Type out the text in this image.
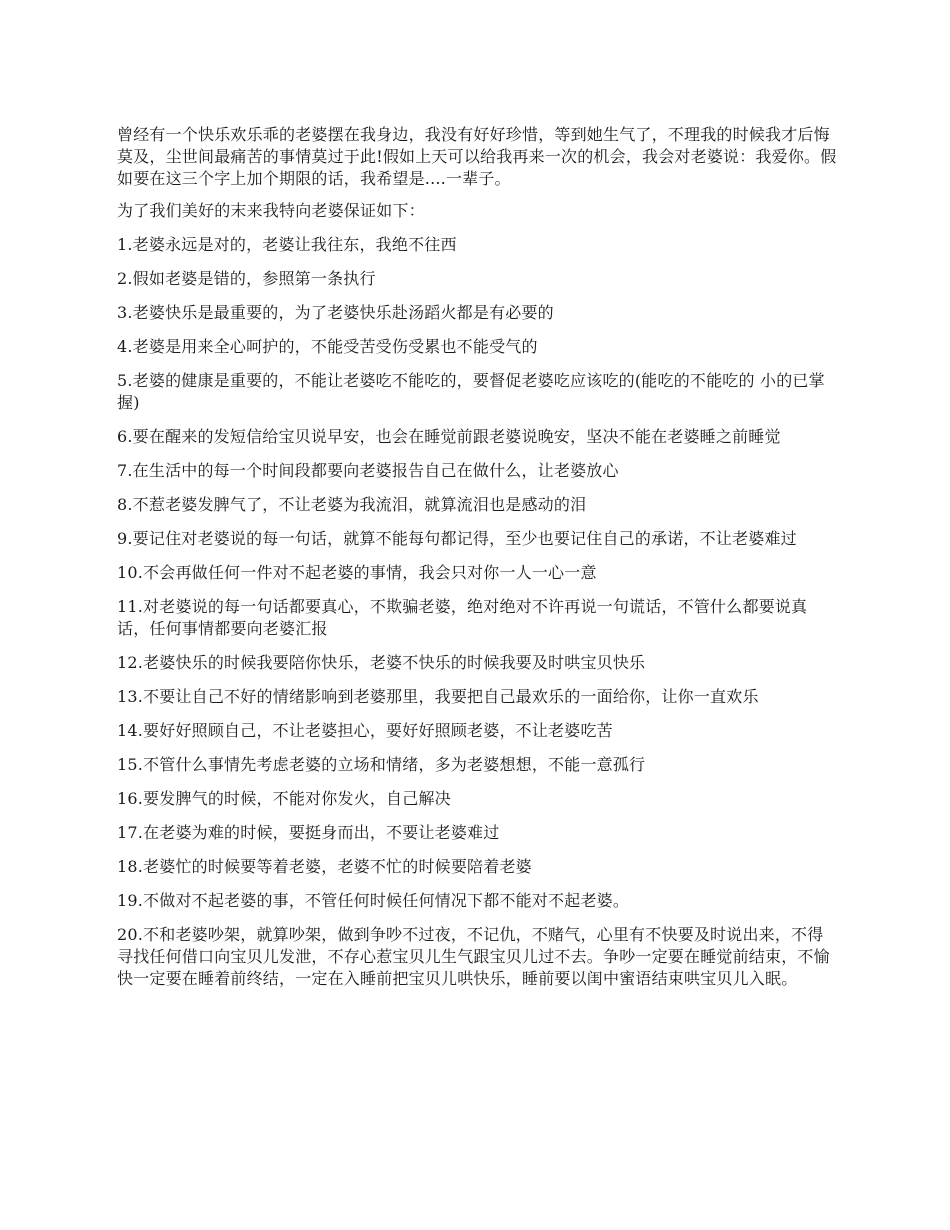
曾经有一个快乐欢乐乖的老婆摆在我身边，我没有好好珍惜，等到她生气了，不理我的时候我才后悔莫及，尘世间最痛苦的事情莫过于此!假如上天可以给我再来一次的机会，我会对老婆说：我爱你。假如要在这三个字上加个期限的话，我希望是....一辈子。

为了我们美好的末来我特向老婆保证如下：

1.老婆永远是对的，老婆让我往东，我绝不往西

2.假如老婆是错的，参照第一条执行

3.老婆快乐是最重要的，为了老婆快乐赴汤蹈火都是有必要的

4.老婆是用来全心呵护的，不能受苦受伤受累也不能受气的

5.老婆的健康是重要的，不能让老婆吃不能吃的，要督促老婆吃应该吃的(能吃的不能吃的 小的已掌握)

6.要在醒来的发短信给宝贝说早安，也会在睡觉前跟老婆说晚安，坚决不能在老婆睡之前睡觉

7.在生活中的每一个时间段都要向老婆报告自己在做什么，让老婆放心

8.不惹老婆发脾气了，不让老婆为我流泪，就算流泪也是感动的泪

9.要记住对老婆说的每一句话，就算不能每句都记得，至少也要记住自己的承诺，不让老婆难过

10.不会再做任何一件对不起老婆的事情，我会只对你一人一心一意

11.对老婆说的每一句话都要真心，不欺骗老婆，绝对绝对不许再说一句谎话，不管什么都要说真话，任何事情都要向老婆汇报

12.老婆快乐的时候我要陪你快乐，老婆不快乐的时候我要及时哄宝贝快乐

13.不要让自己不好的情绪影响到老婆那里，我要把自己最欢乐的一面给你，让你一直欢乐

14.要好好照顾自己，不让老婆担心，要好好照顾老婆，不让老婆吃苦

15.不管什么事情先考虑老婆的立场和情绪，多为老婆想想，不能一意孤行

16.要发脾气的时候，不能对你发火，自己解决

17.在老婆为难的时候，要挺身而出，不要让老婆难过

18.老婆忙的时候要等着老婆，老婆不忙的时候要陪着老婆

19.不做对不起老婆的事，不管任何时候任何情况下都不能对不起老婆。

20.不和老婆吵架，就算吵架，做到争吵不过夜，不记仇，不赌气，心里有不快要及时说出来，不得寻找任何借口向宝贝儿发泄，不存心惹宝贝儿生气跟宝贝儿过不去。争吵一定要在睡觉前结束，不愉快一定要在睡着前终结，一定在入睡前把宝贝儿哄快乐，睡前要以闺中蜜语结束哄宝贝儿入眠。
